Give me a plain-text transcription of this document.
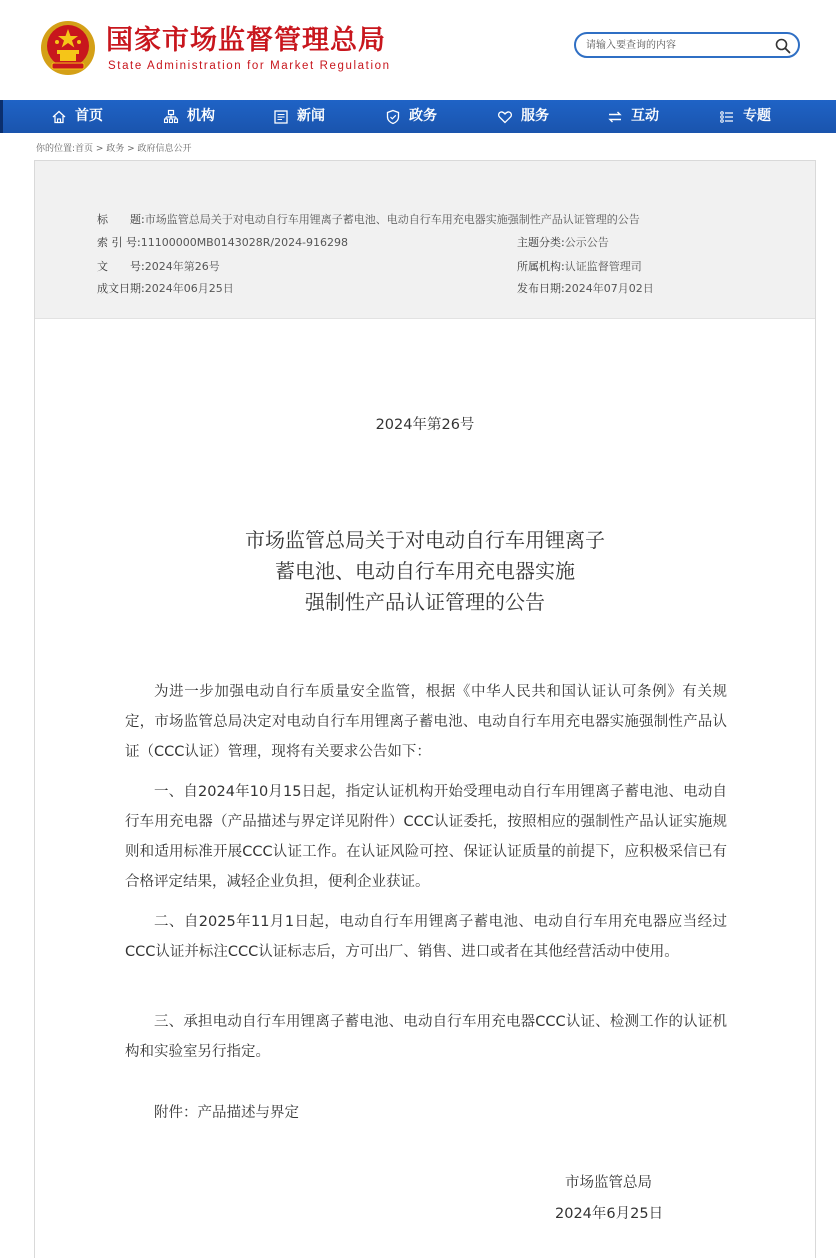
国家市场监督管理总局
State Administration for Market Regulation
请输入要查询的内容
首页	机构	新闻	政务	服务	互动	专题
你的位置:首页 > 政务 > 政府信息公开
标　　题:市场监管总局关于对电动自行车用锂离子蓄电池、电动自行车用充电器实施强制性产品认证管理的公告
索 引 号:11100000MB0143028R/2024-916298	主题分类:公示公告
文　　号:2024年第26号	所属机构:认证监督管理司
成文日期:2024年06月25日	发布日期:2024年07月02日
2024年第26号
市场监管总局关于对电动自行车用锂离子
蓄电池、电动自行车用充电器实施
强制性产品认证管理的公告

为进一步加强电动自行车质量安全监管，根据《中华人民共和国认证认可条例》有关规定，市场监管总局决定对电动自行车用锂离子蓄电池、电动自行车用充电器实施强制性产品认证（CCC认证）管理，现将有关要求公告如下：

一、自2024年10月15日起，指定认证机构开始受理电动自行车用锂离子蓄电池、电动自行车用充电器（产品描述与界定详见附件）CCC认证委托，按照相应的强制性产品认证实施规则和适用标准开展CCC认证工作。在认证风险可控、保证认证质量的前提下，应积极采信已有合格评定结果，减轻企业负担，便利企业获证。

二、自2025年11月1日起，电动自行车用锂离子蓄电池、电动自行车用充电器应当经过CCC认证并标注CCC认证标志后，方可出厂、销售、进口或者在其他经营活动中使用。

三、承担电动自行车用锂离子蓄电池、电动自行车用充电器CCC认证、检测工作的认证机构和实验室另行指定。

附件：产品描述与界定
市场监管总局
2024年6月25日
